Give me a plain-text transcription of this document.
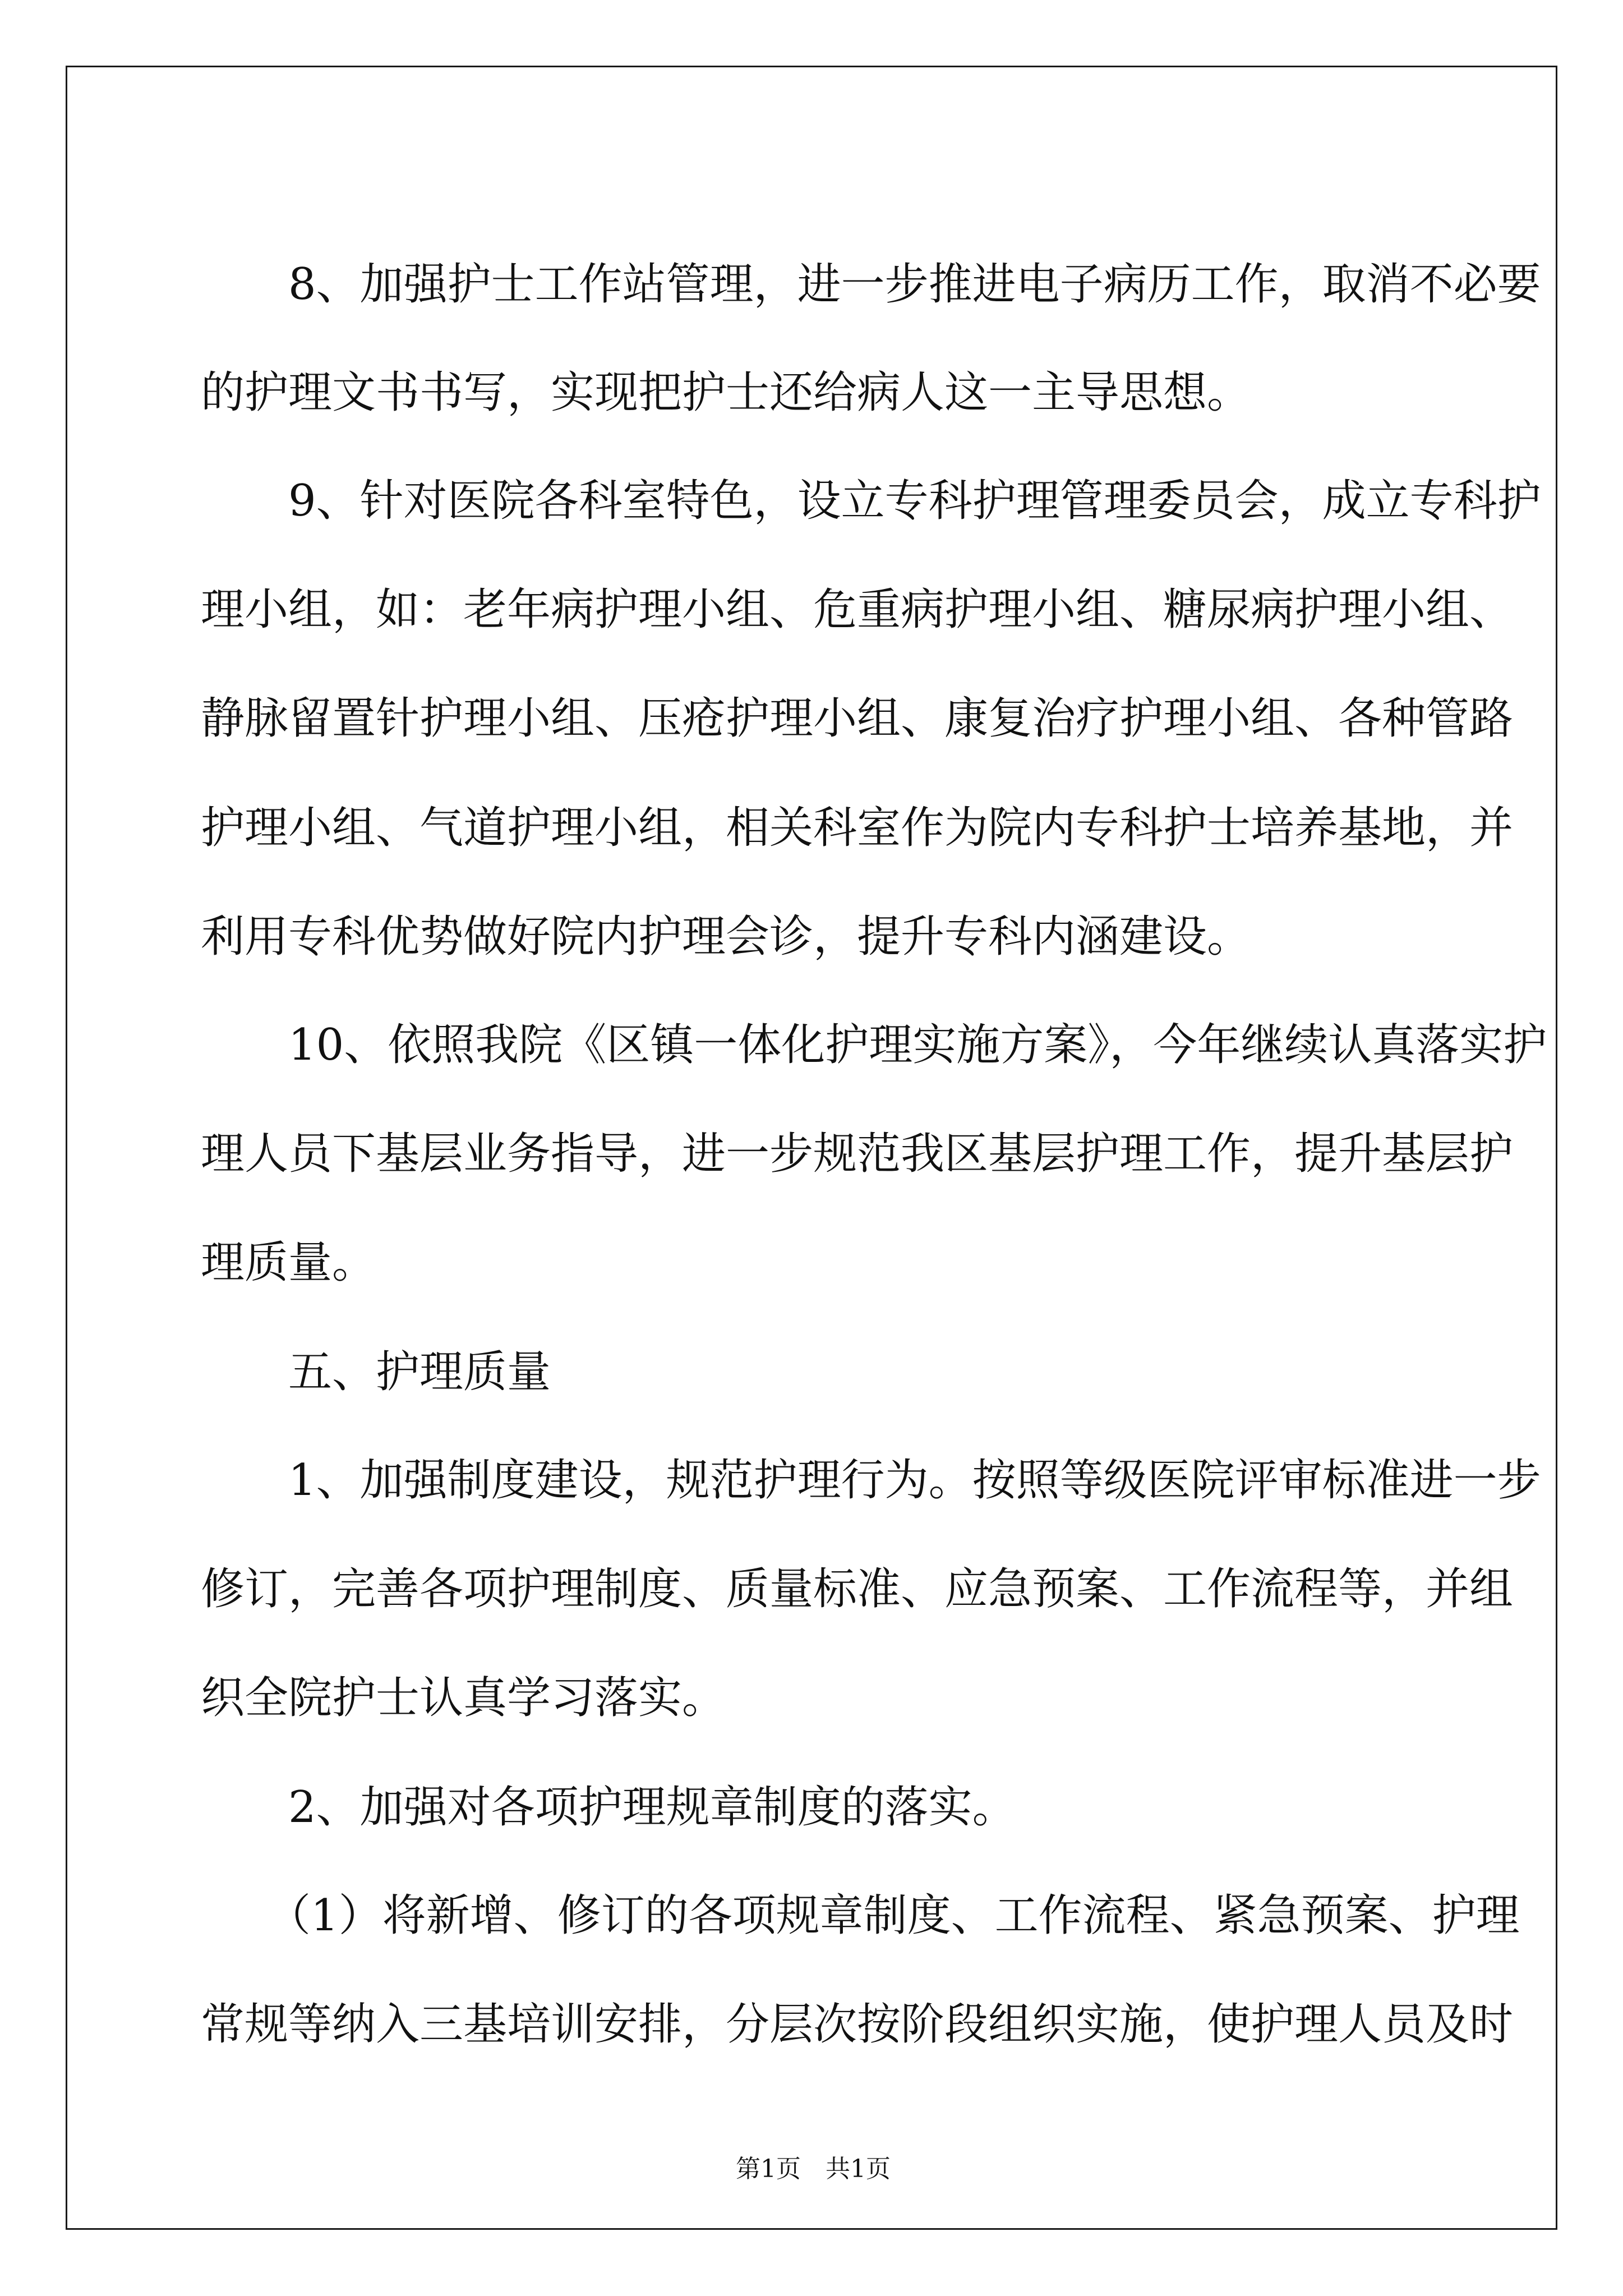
8、加强护士工作站管理，进一步推进电子病历工作，取消不必要
的护理文书书写，实现把护士还给病人这一主导思想。
9、针对医院各科室特色，设立专科护理管理委员会，成立专科护
理小组，如：老年病护理小组、危重病护理小组、糖尿病护理小组、
静脉留置针护理小组、压疮护理小组、康复治疗护理小组、各种管路
护理小组、气道护理小组，相关科室作为院内专科护士培养基地，并
利用专科优势做好院内护理会诊，提升专科内涵建设。
10、依照我院《区镇一体化护理实施方案》，今年继续认真落实护
理人员下基层业务指导，进一步规范我区基层护理工作，提升基层护
理质量。
五、护理质量
1、加强制度建设，规范护理行为。按照等级医院评审标准进一步
修订，完善各项护理制度、质量标准、应急预案、工作流程等，并组
织全院护士认真学习落实。
2、加强对各项护理规章制度的落实。
（1）将新增、修订的各项规章制度、工作流程、紧急预案、护理
常规等纳入三基培训安排，分层次按阶段组织实施，使护理人员及时
第1页　共1页
